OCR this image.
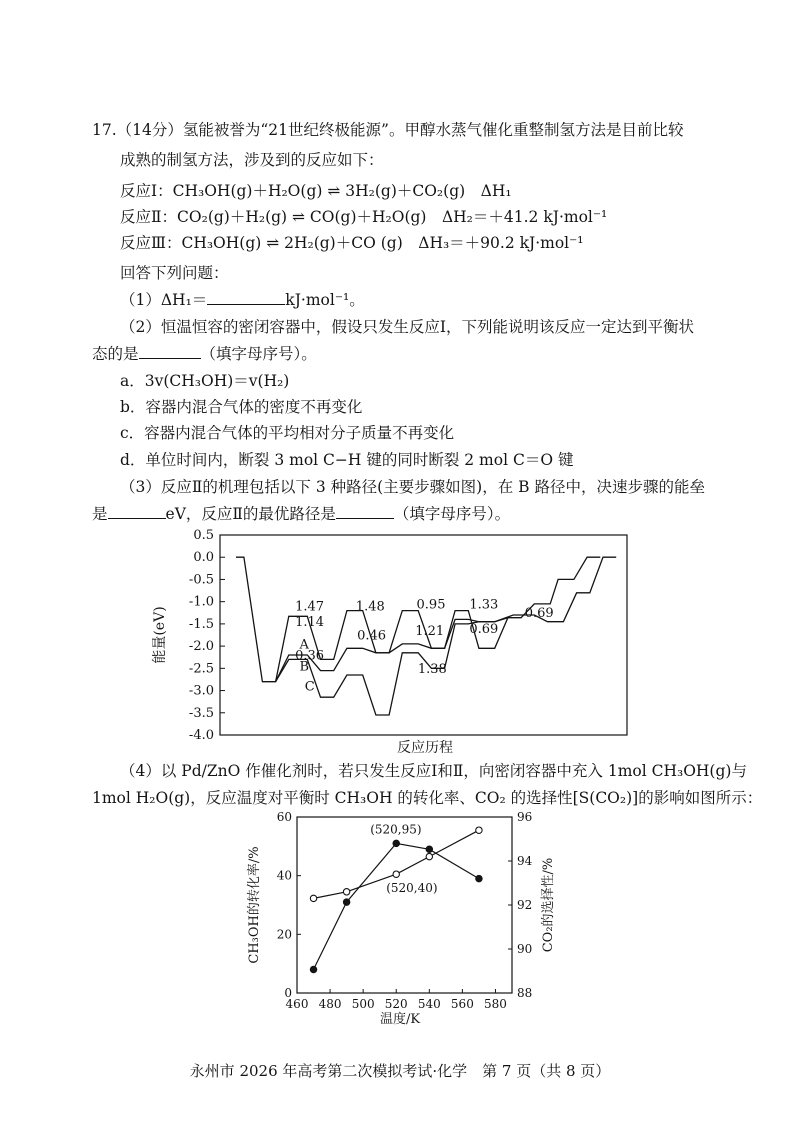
17.（14分）氢能被誉为“21世纪终极能源”。甲醇水蒸气催化重整制氢方法是目前比较
成熟的制氢方法，涉及到的反应如下：
反应Ⅰ：CH₃OH(g)＋H₂O(g) ⇌ 3H₂(g)＋CO₂(g)　ΔH₁
反应Ⅱ：CO₂(g)＋H₂(g) ⇌ CO(g)＋H₂O(g)　ΔH₂＝＋41.2 kJ·mol⁻¹
反应Ⅲ：CH₃OH(g) ⇌ 2H₂(g)＋CO (g)　ΔH₃＝＋90.2 kJ·mol⁻¹
回答下列问题：
（1）ΔH₁＝	kJ·mol⁻¹。
（2）恒温恒容的密闭容器中，假设只发生反应Ⅰ，下列能说明该反应一定达到平衡状
态的是	（填字母序号）。
a．3v(CH₃OH)＝v(H₂)
b．容器内混合气体的密度不再变化
c．容器内混合气体的平均相对分子质量不再变化
d．单位时间内，断裂 3 mol C−H 键的同时断裂 2 mol C＝O 键
（3）反应Ⅱ的机理包括以下 3 种路径(主要步骤如图)，在 B 路径中，决速步骤的能垒
是	eV，反应Ⅱ的最优路径是	（填字母序号）。
0.5
0.0
-0.5
-1.0
-1.5
-2.0
-2.5
-3.0
-3.5
-4.0
A
B
C
1.47
1.14
0.36
1.48
0.46
0.95
1.21
1.38
1.33
0.69
0.69
能量(eV)
反应历程
（4）以 Pd/ZnO 作催化剂时，若只发生反应Ⅰ和Ⅱ，向密闭容器中充入 1mol CH₃OH(g)与
1mol H₂O(g)，反应温度对平衡时 CH₃OH 的转化率、CO₂ 的选择性[S(CO₂)]的影响如图所示：
460 480 500 520 540 560 580
0
20
40
60
88
90
92
94
96
(520,95)
(520,40)
CH₃OH的转化率/%	CO₂的选择性/%
温度/K
永州市 2026 年高考第二次模拟考试·化学　第 7 页（共 8 页）
